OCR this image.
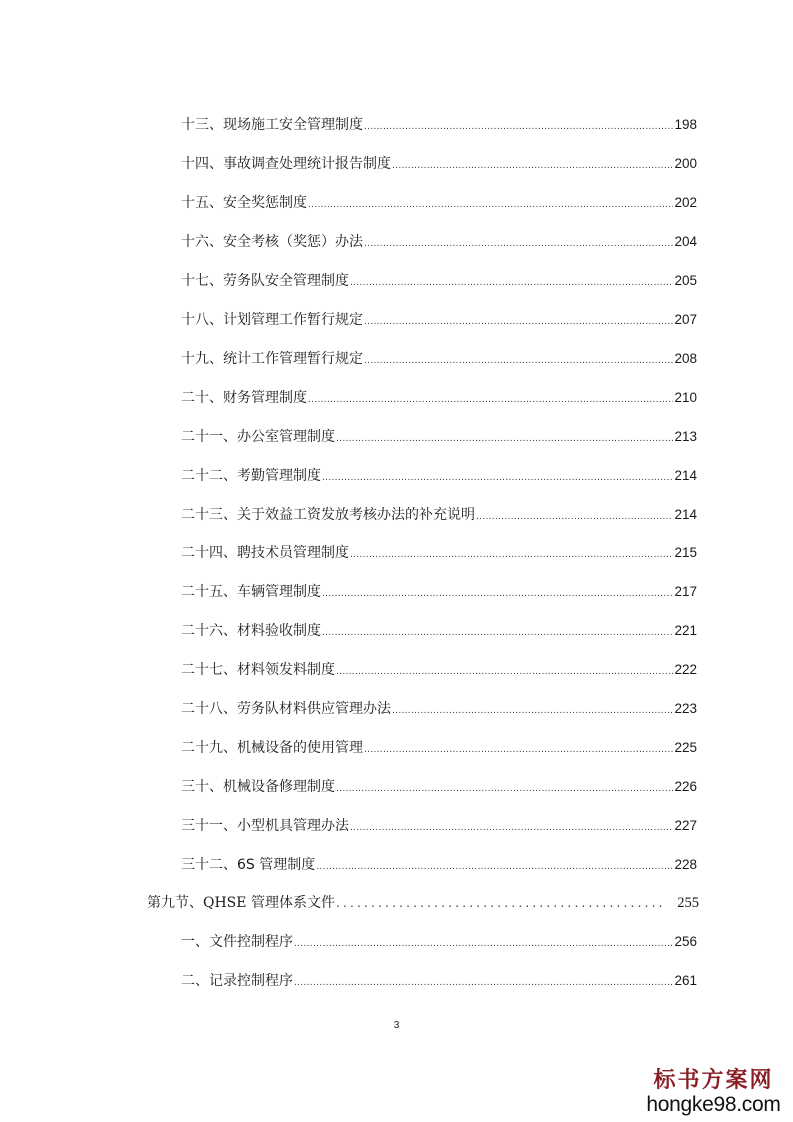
十三、现场施工安全管理制度 .....	198
十四、事故调查处理统计报告制度 .....	200
十五、安全奖惩制度 .....	202
十六、安全考核（奖惩）办法 .....	204
十七、劳务队安全管理制度 .....	205
十八、计划管理工作暂行规定 .....	207
十九、统计工作管理暂行规定 .....	208
二十、财务管理制度 .....	210
二十一、办公室管理制度 .....	213
二十二、考勤管理制度 .....	214
二十三、关于效益工资发放考核办法的补充说明 .....	214
二十四、聘技术员管理制度 .....	215
二十五、车辆管理制度 .....	217
二十六、材料验收制度 .....	221
二十七、材料领发料制度 .....	222
二十八、劳务队材料供应管理办法 .....	223
二十九、机械设备的使用管理 .....	225
三十、机械设备修理制度 .....	226
三十一、小型机具管理办法 .....	227
三十二、6S 管理制度 .....	228
第九节、QHSE 管理体系文件 .....	255
一、文件控制程序 .....	256
二、记录控制程序 .....	261
3
标书方案网
hongke98.com
